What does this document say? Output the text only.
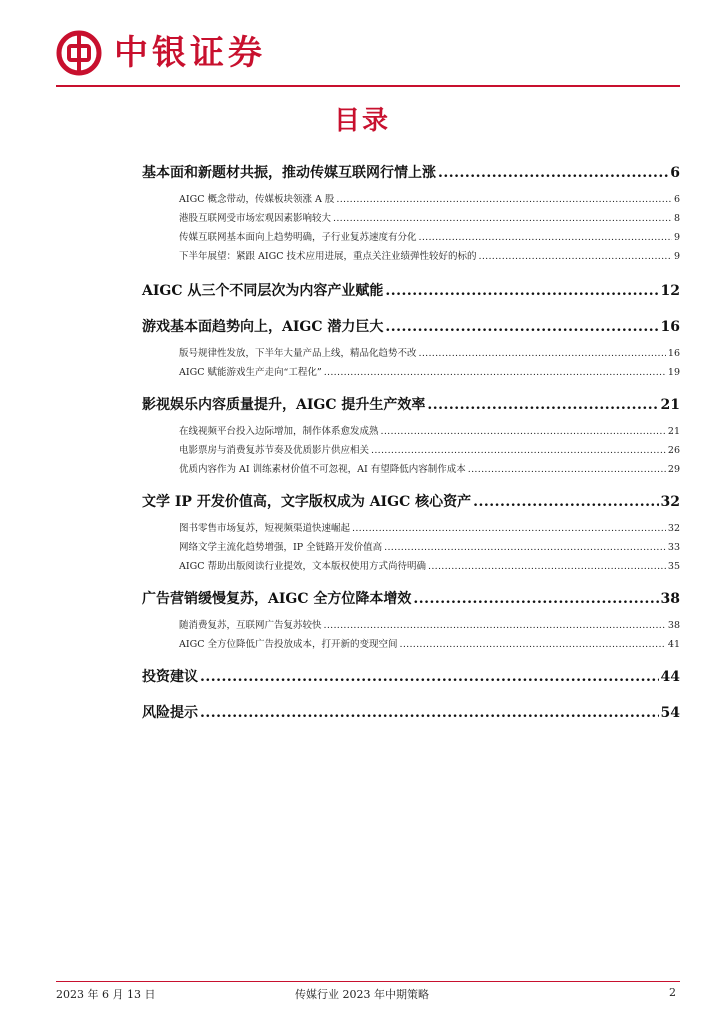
中银证券
目录
基本面和新题材共振，推动传媒互联网行情上涨 .....	6
AIGC 概念带动，传媒板块领涨 A 股 .....	6
港股互联网受市场宏观因素影响较大 .....	8
传媒互联网基本面向上趋势明确，子行业复苏速度有分化 .....	9
下半年展望：紧跟 AIGC 技术应用进展，重点关注业绩弹性较好的标的 .....	9
AIGC 从三个不同层次为内容产业赋能 .....	12
游戏基本面趋势向上，AIGC 潜力巨大 .....	16
版号规律性发放，下半年大量产品上线，精品化趋势不改 .....	16
AIGC 赋能游戏生产走向“工程化” .....	19
影视娱乐内容质量提升，AIGC 提升生产效率 .....	21
在线视频平台投入边际增加，制作体系愈发成熟 .....	21
电影票房与消费复苏节奏及优质影片供应相关 .....	26
优质内容作为 AI 训练素材价值不可忽视，AI 有望降低内容制作成本 .....	29
文学 IP 开发价值高，文字版权成为 AIGC 核心资产 .....	32
图书零售市场复苏，短视频渠道快速崛起 .....	32
网络文学主流化趋势增强，IP 全链路开发价值高 .....	33
AIGC 帮助出版阅读行业提效，文本版权使用方式尚待明确 .....	35
广告营销缓慢复苏，AIGC 全方位降本增效 .....	38
随消费复苏，互联网广告复苏较快 .....	38
AIGC 全方位降低广告投放成本，打开新的变现空间 .....	41
投资建议 .....	44
风险提示 .....	54
2023 年 6 月 13 日	传媒行业 2023 年中期策略	2
